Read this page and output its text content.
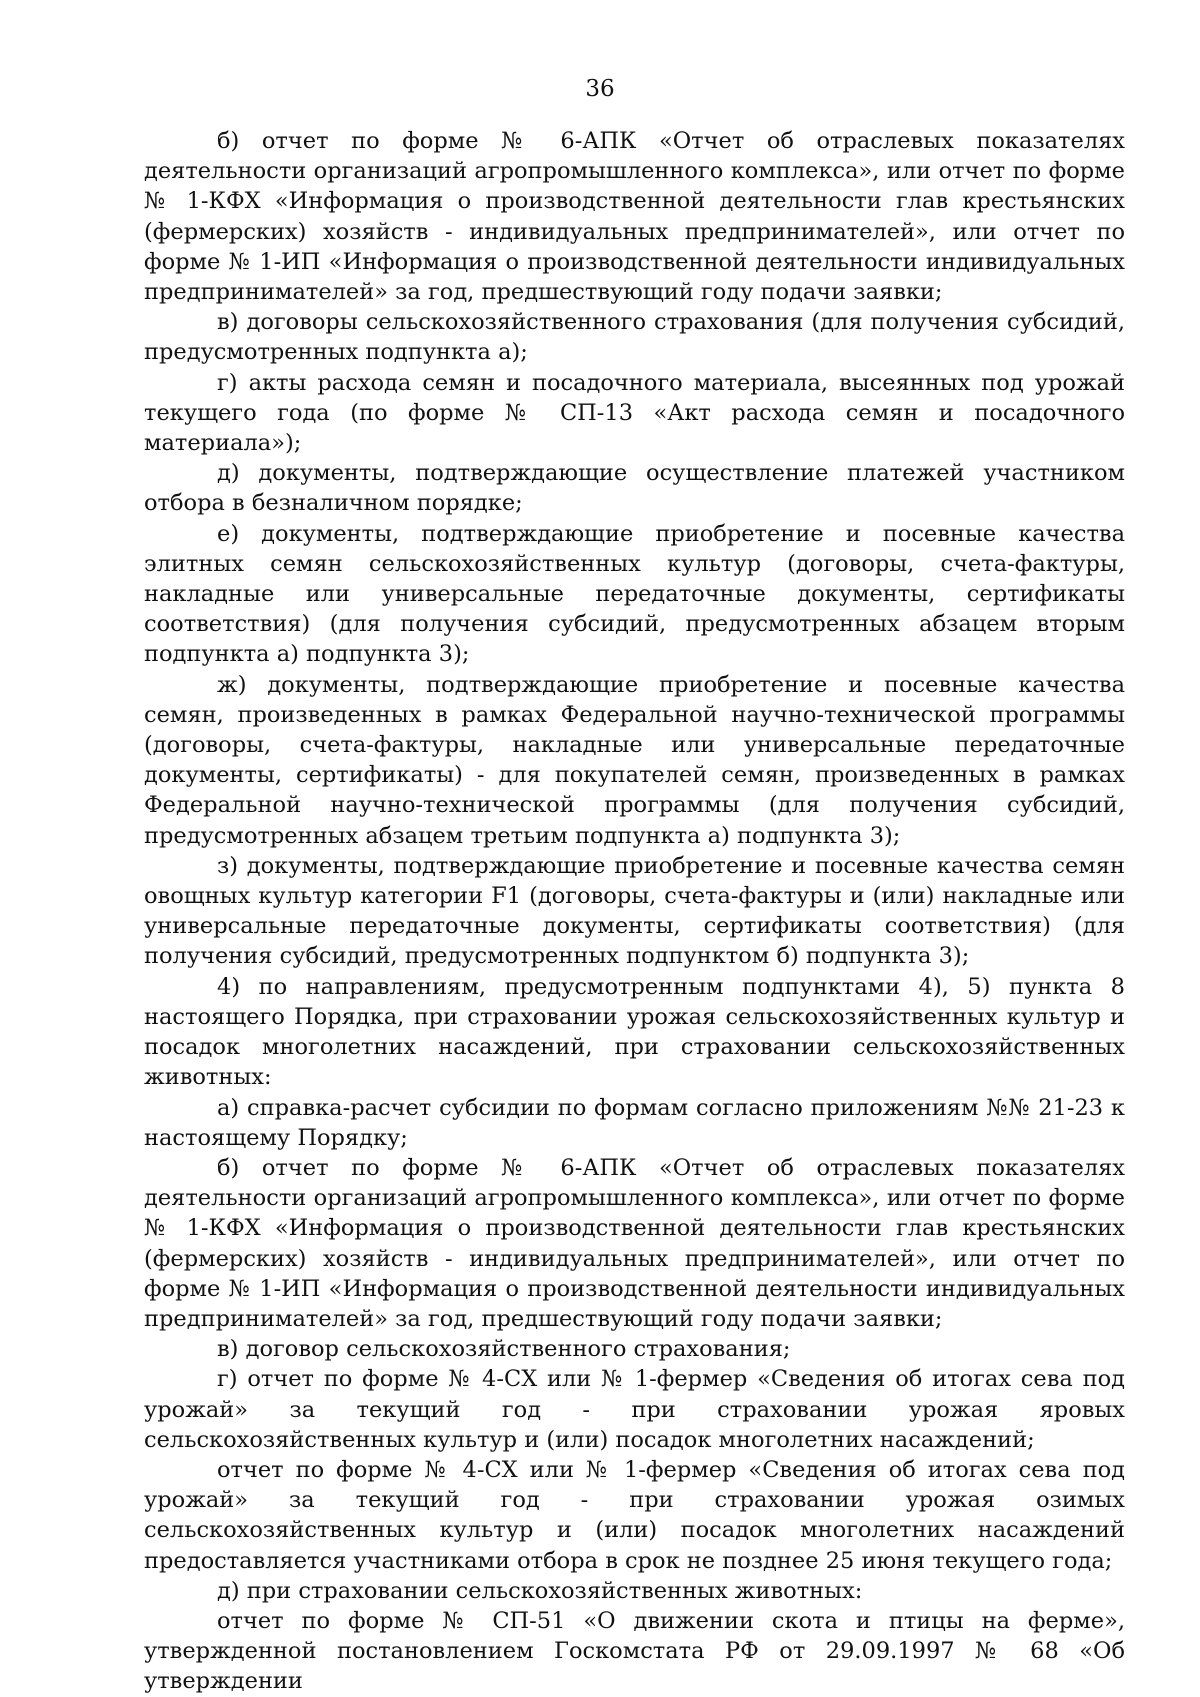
36

б) отчет по форме № 6-АПК «Отчет об отраслевых показателях деятельности организаций агропромышленного комплекса», или отчет по форме № 1-КФХ «Информация о производственной деятельности глав крестьянских (фермерских) хозяйств - индивидуальных предпринимателей», или отчет по форме № 1-ИП «Информация о производственной деятельности индивидуальных предпринимателей» за год, предшествующий году подачи заявки;

в) договоры сельскохозяйственного страхования (для получения субсидий, предусмотренных подпункта а);

г) акты расхода семян и посадочного материала, высеянных под урожай текущего года (по форме № СП-13 «Акт расхода семян и посадочного материала»);

д) документы, подтверждающие осуществление платежей участником отбора в безналичном порядке;

е) документы, подтверждающие приобретение и посевные качества элитных семян сельскохозяйственных культур (договоры, счета-фактуры, накладные или универсальные передаточные документы, сертификаты соответствия) (для получения субсидий, предусмотренных абзацем вторым подпункта а) подпункта 3);

ж) документы, подтверждающие приобретение и посевные качества семян, произведенных в рамках Федеральной научно-технической программы (договоры, счета-фактуры, накладные или универсальные передаточные документы, сертификаты) - для покупателей семян, произведенных в рамках Федеральной научно-технической программы (для получения субсидий, предусмотренных абзацем третьим подпункта а) подпункта 3);

з) документы, подтверждающие приобретение и посевные качества семян овощных культур категории F1 (договоры, счета-фактуры и (или) накладные или универсальные передаточные документы, сертификаты соответствия) (для получения субсидий, предусмотренных подпунктом б) подпункта 3);

4) по направлениям, предусмотренным подпунктами 4), 5) пункта 8 настоящего Порядка, при страховании урожая сельскохозяйственных культур и посадок многолетних насаждений, при страховании сельскохозяйственных животных:

а) справка-расчет субсидии по формам согласно приложениям №№ 21-23 к настоящему Порядку;

б) отчет по форме № 6-АПК «Отчет об отраслевых показателях деятельности организаций агропромышленного комплекса», или отчет по форме № 1-КФХ «Информация о производственной деятельности глав крестьянских (фермерских) хозяйств - индивидуальных предпринимателей», или отчет по форме № 1-ИП «Информация о производственной деятельности индивидуальных предпринимателей» за год, предшествующий году подачи заявки;

в) договор сельскохозяйственного страхования;

г) отчет по форме № 4-СХ или № 1-фермер «Сведения об итогах сева под урожай» за текущий год - при страховании урожая яровых сельскохозяйственных культур и (или) посадок многолетних насаждений;

отчет по форме № 4-СХ или № 1-фермер «Сведения об итогах сева под урожай» за текущий год - при страховании урожая озимых сельскохозяйственных культур и (или) посадок многолетних насаждений предоставляется участниками отбора в срок не позднее 25 июня текущего года;

д) при страховании сельскохозяйственных животных:

отчет по форме № СП-51 «О движении скота и птицы на ферме», утвержденной постановлением Госкомстата РФ от 29.09.1997 № 68 «Об утверждении
